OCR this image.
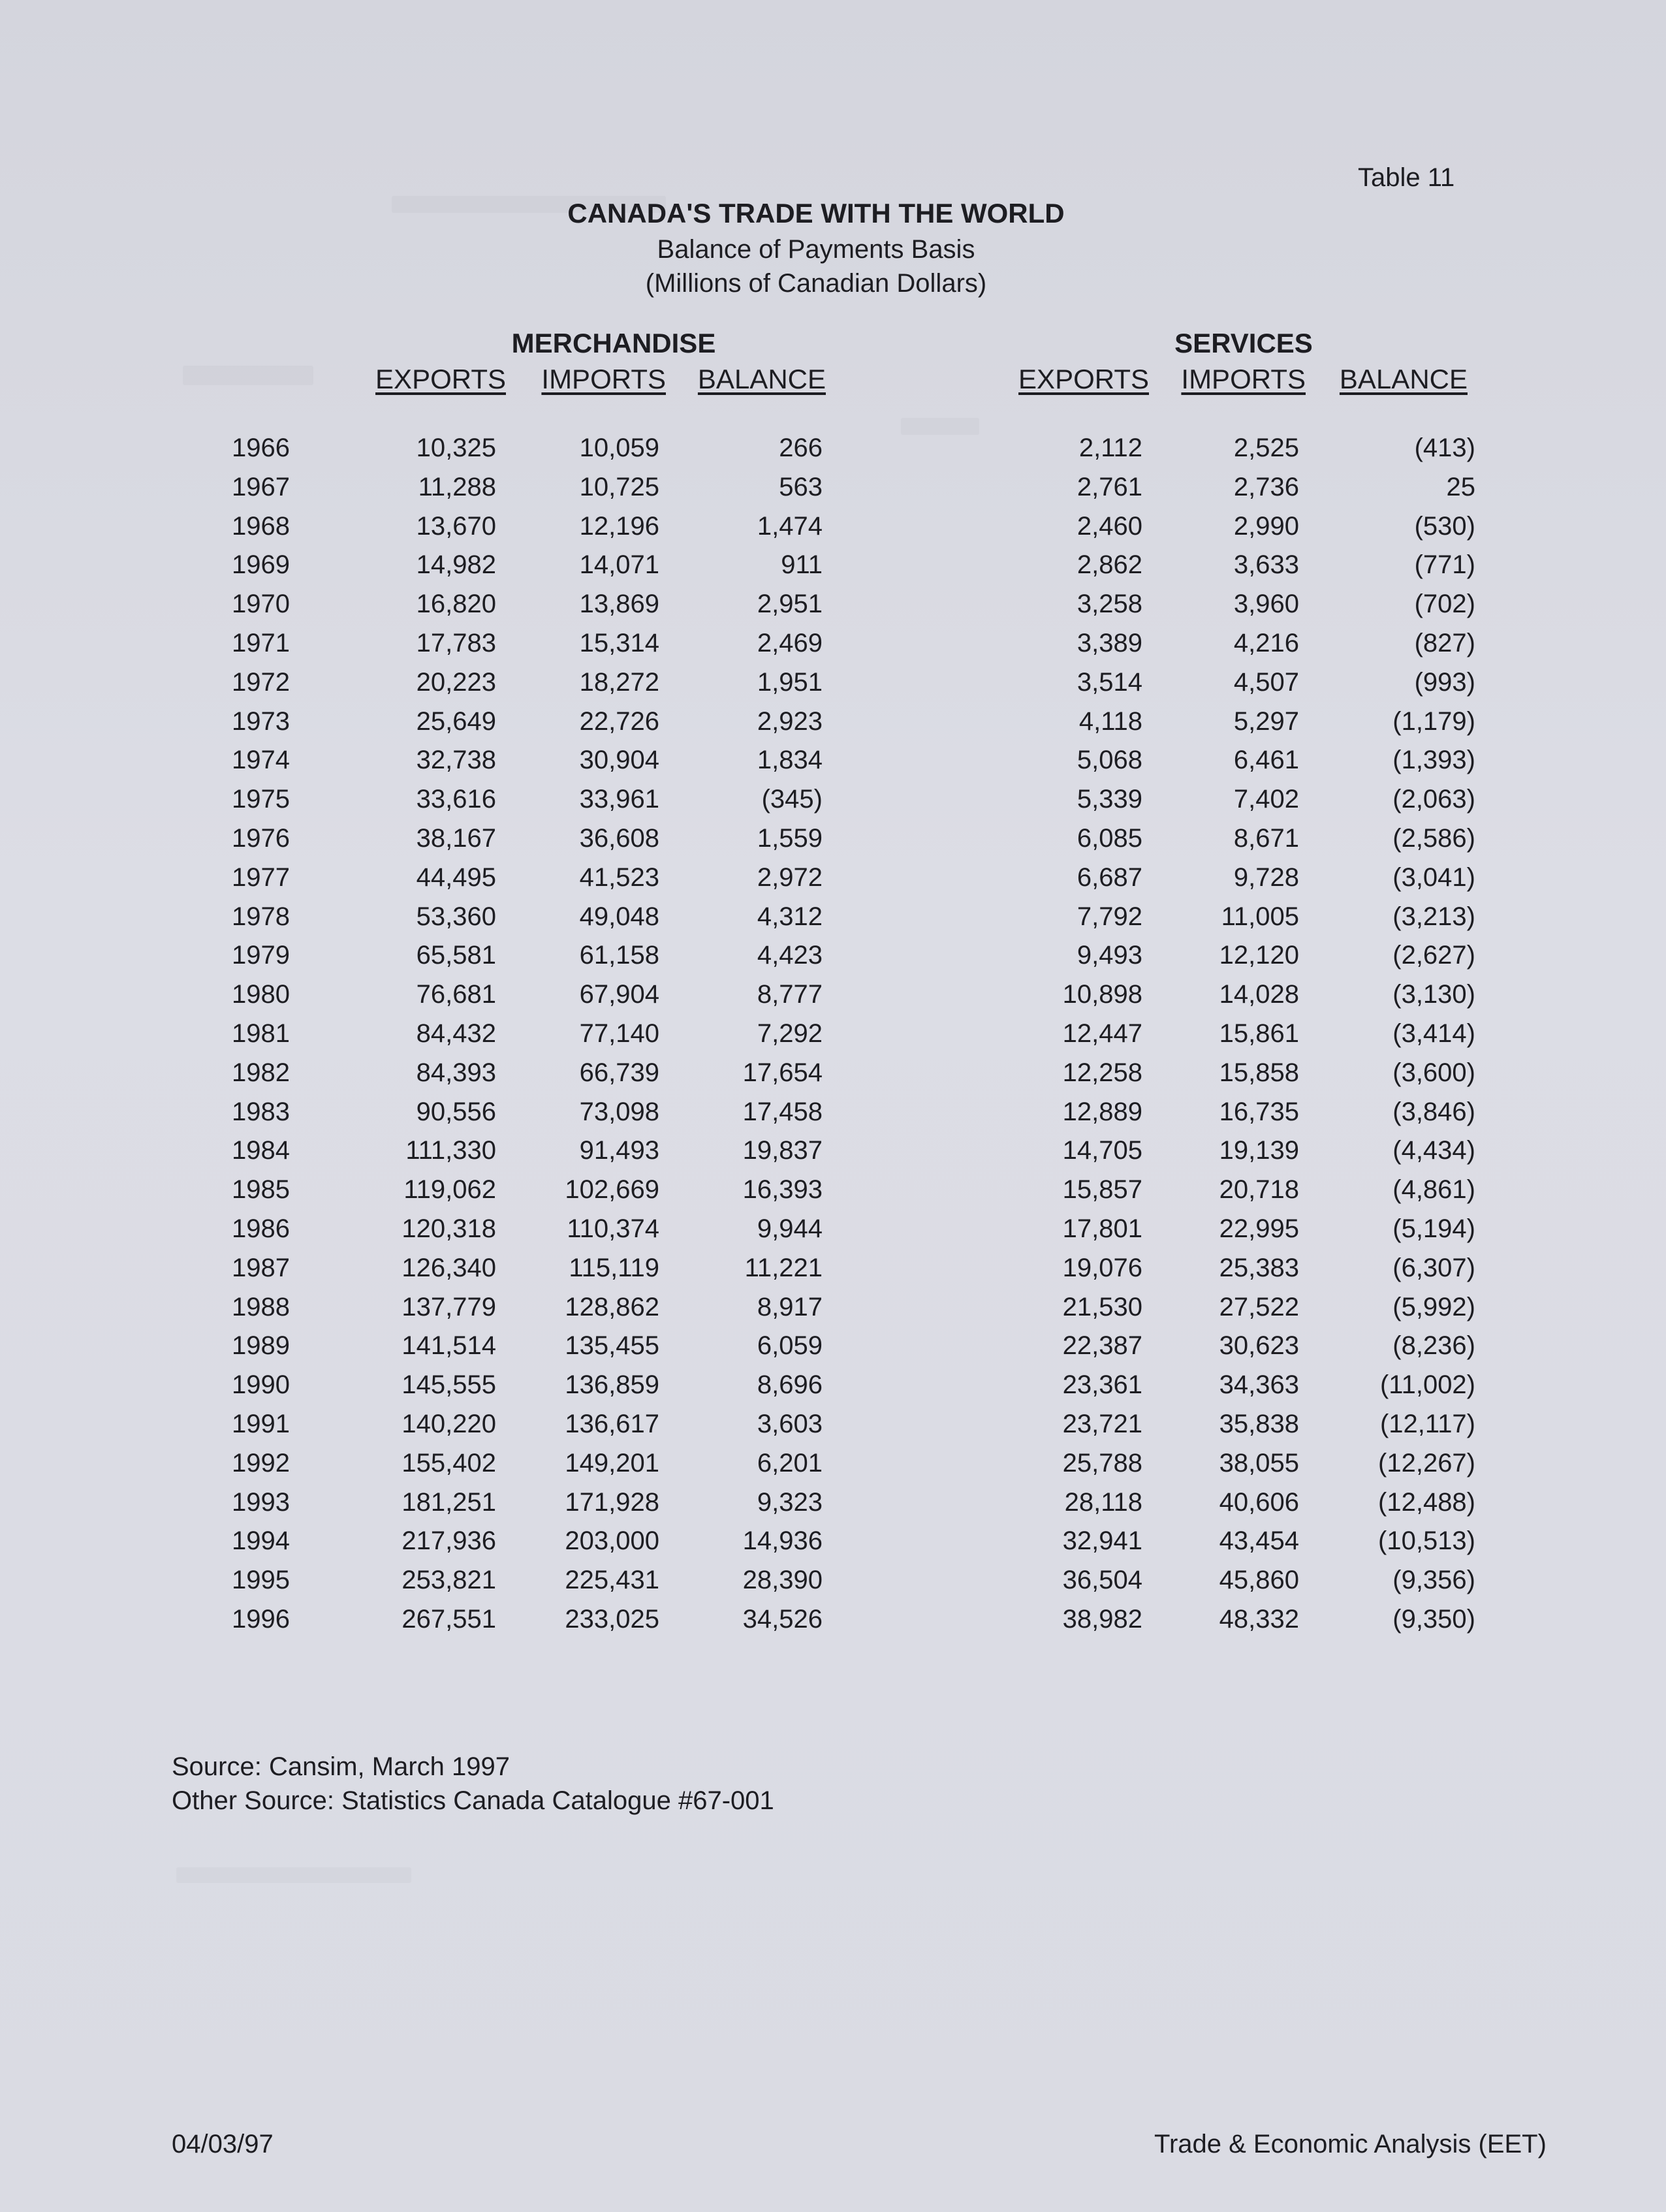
Table 11
CANADA'S TRADE WITH THE WORLD
Balance of Payments Basis
(Millions of Canadian Dollars)
MERCHANDISE	SERVICES
EXPORTS	IMPORTS	BALANCE	EXPORTS	IMPORTS	BALANCE
1966	10,325	10,059	266	2,112	2,525	(413)
1967	11,288	10,725	563	2,761	2,736	25
1968	13,670	12,196	1,474	2,460	2,990	(530)
1969	14,982	14,071	911	2,862	3,633	(771)
1970	16,820	13,869	2,951	3,258	3,960	(702)
1971	17,783	15,314	2,469	3,389	4,216	(827)
1972	20,223	18,272	1,951	3,514	4,507	(993)
1973	25,649	22,726	2,923	4,118	5,297	(1,179)
1974	32,738	30,904	1,834	5,068	6,461	(1,393)
1975	33,616	33,961	(345)	5,339	7,402	(2,063)
1976	38,167	36,608	1,559	6,085	8,671	(2,586)
1977	44,495	41,523	2,972	6,687	9,728	(3,041)
1978	53,360	49,048	4,312	7,792	11,005	(3,213)
1979	65,581	61,158	4,423	9,493	12,120	(2,627)
1980	76,681	67,904	8,777	10,898	14,028	(3,130)
1981	84,432	77,140	7,292	12,447	15,861	(3,414)
1982	84,393	66,739	17,654	12,258	15,858	(3,600)
1983	90,556	73,098	17,458	12,889	16,735	(3,846)
1984	111,330	91,493	19,837	14,705	19,139	(4,434)
1985	119,062	102,669	16,393	15,857	20,718	(4,861)
1986	120,318	110,374	9,944	17,801	22,995	(5,194)
1987	126,340	115,119	11,221	19,076	25,383	(6,307)
1988	137,779	128,862	8,917	21,530	27,522	(5,992)
1989	141,514	135,455	6,059	22,387	30,623	(8,236)
1990	145,555	136,859	8,696	23,361	34,363	(11,002)
1991	140,220	136,617	3,603	23,721	35,838	(12,117)
1992	155,402	149,201	6,201	25,788	38,055	(12,267)
1993	181,251	171,928	9,323	28,118	40,606	(12,488)
1994	217,936	203,000	14,936	32,941	43,454	(10,513)
1995	253,821	225,431	28,390	36,504	45,860	(9,356)
1996	267,551	233,025	34,526	38,982	48,332	(9,350)
Source: Cansim, March 1997
Other Source: Statistics Canada Catalogue #67-001
04/03/97	Trade & Economic Analysis (EET)
